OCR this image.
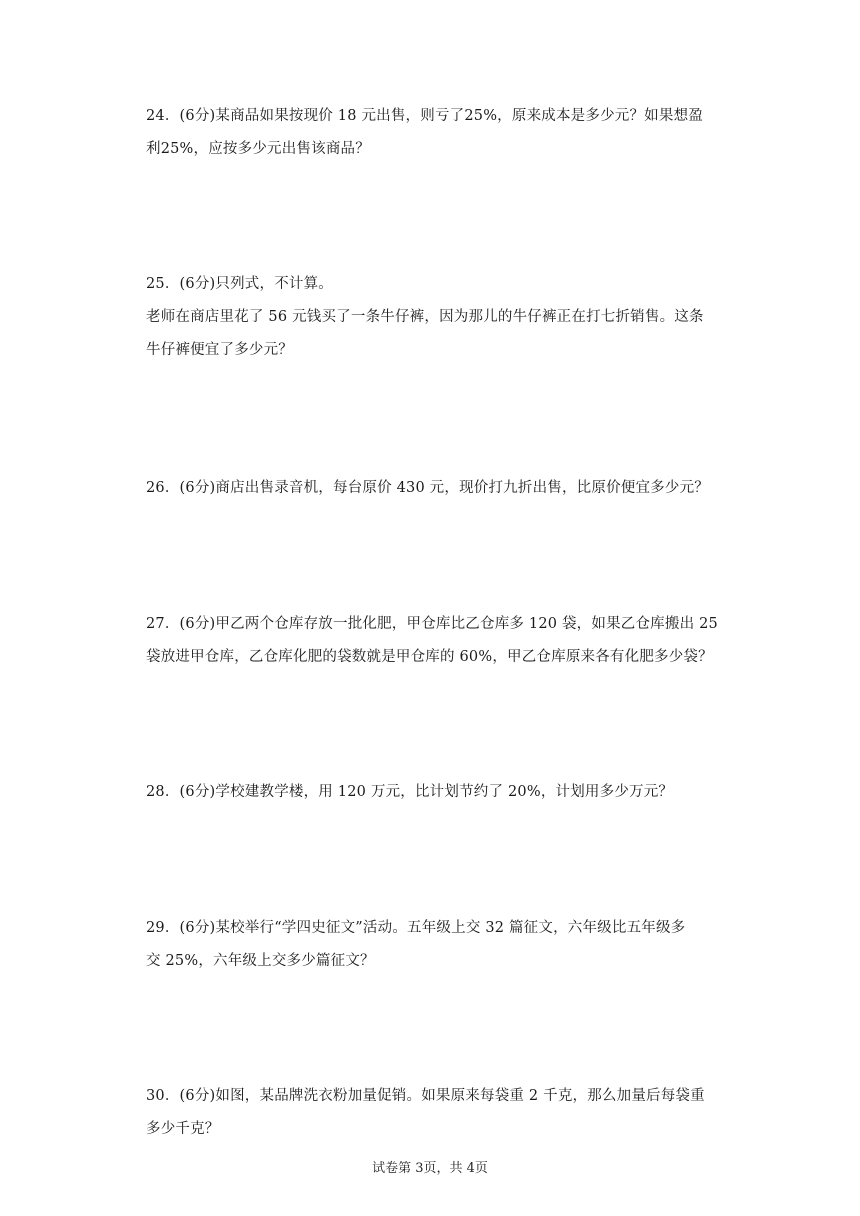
24．(6分)某商品如果按现价 18 元出售，则亏了25%，原来成本是多少元？如果想盈
利25%，应按多少元出售该商品？
25．(6分)只列式，不计算。
老师在商店里花了 56 元钱买了一条牛仔裤，因为那儿的牛仔裤正在打七折销售。这条
牛仔裤便宜了多少元？
26．(6分)商店出售录音机，每台原价 430 元，现价打九折出售，比原价便宜多少元？
27．(6分)甲乙两个仓库存放一批化肥，甲仓库比乙仓库多 120 袋，如果乙仓库搬出 25
袋放进甲仓库，乙仓库化肥的袋数就是甲仓库的 60%，甲乙仓库原来各有化肥多少袋？
28．(6分)学校建教学楼，用 120 万元，比计划节约了 20%，计划用多少万元？
29．(6分)某校举行“学四史征文”活动。五年级上交 32 篇征文，六年级比五年级多
交 25%，六年级上交多少篇征文？
30．(6分)如图，某品牌洗衣粉加量促销。如果原来每袋重 2 千克，那么加量后每袋重
多少千克？
试卷第 3页，共 4页
